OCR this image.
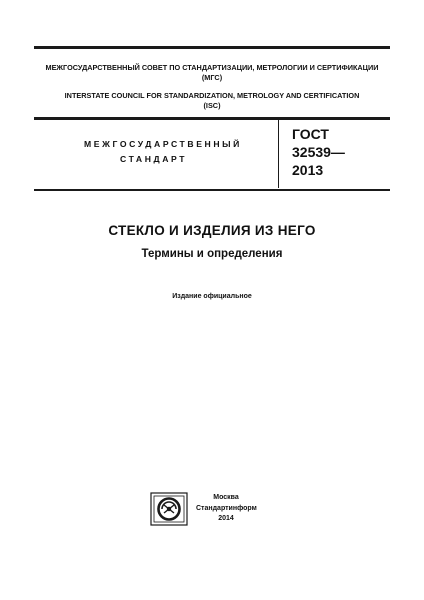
МЕЖГОСУДАРСТВЕННЫЙ СОВЕТ ПО СТАНДАРТИЗАЦИИ, МЕТРОЛОГИИ И СЕРТИФИКАЦИИ
(МГС)
INTERSTATE COUNCIL FOR STANDARDIZATION, METROLOGY AND CERTIFICATION
(ISC)
МЕЖГОСУДАРСТВЕННЫЙ
СТАНДАРТ
ГОСТ
32539—
2013
СТЕКЛО И ИЗДЕЛИЯ ИЗ НЕГО
Термины и определения
Издание официальное
Москва
Стандартинформ
2014
